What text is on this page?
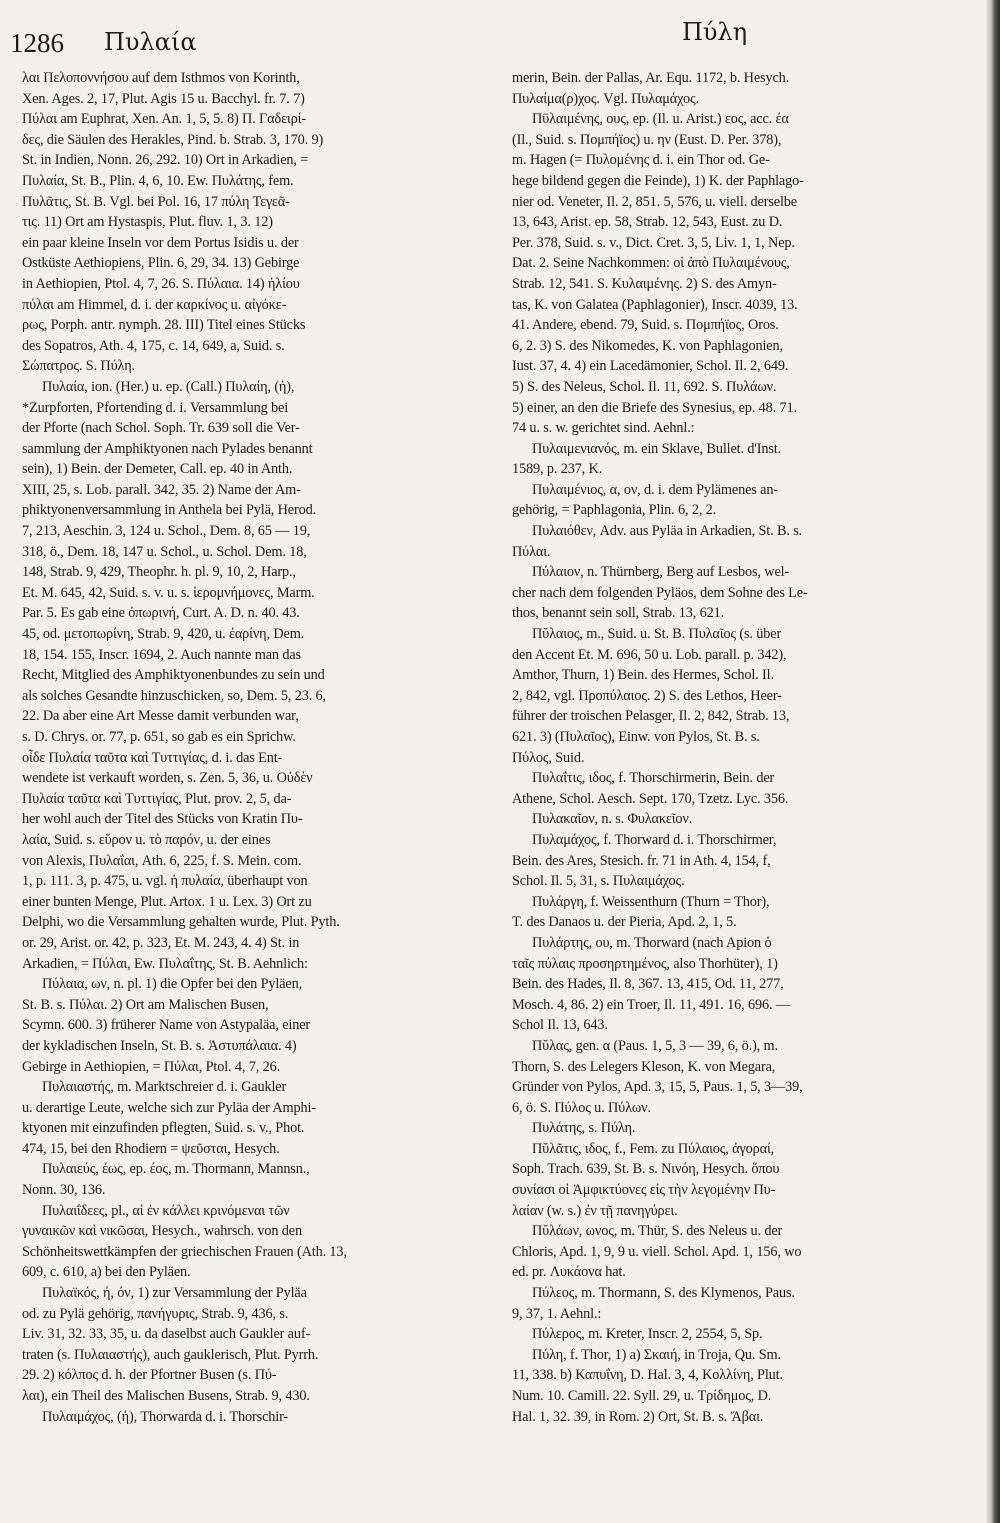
1286 Πυλαία	Πύλη
λαι Πελοποννήσου auf dem Isthmos von Korinth,
Xen. Ages. 2, 17, Plut. Agis 15 u. Bacchyl. fr. 7. 7)
Πύλαι am Euphrat, Xen. An. 1, 5, 5. 8) Π. Γαδειρί-
δες, die Säulen des Herakles, Pind. b. Strab. 3, 170. 9)
St. in Indien, Nonn. 26, 292. 10) Ort in Arkadien, =
Πυλαία, St. B., Plin. 4, 6, 10. Ew. Πυλάτης, fem.
Πυλᾶτις, St. B. Vgl. bei Pol. 16, 17 πύλη Τεγεᾶ-
τις. 11) Ort am Hystaspis, Plut. fluv. 1, 3. 12)
ein paar kleine Inseln vor dem Portus Isidis u. der
Ostküste Aethiopiens, Plin. 6, 29, 34. 13) Gebirge
in Aethiopien, Ptol. 4, 7, 26. S. Πύλαια. 14) ἡλίου
πύλαι am Himmel, d. i. der καρκίνος u. αἰγόκε-
ρως, Porph. antr. nymph. 28. III) Titel eines Stücks
des Sopatros, Ath. 4, 175, c. 14, 649, a, Suid. s.
Σώπατρος. S. Πύλη.
Πυλαία, ion. (Her.) u. ep. (Call.) Πυλαίη, (ἡ),
*Zurpforten, Pfortending d. i. Versammlung bei
der Pforte (nach Schol. Soph. Tr. 639 soll die Ver-
sammlung der Amphiktyonen nach Pylades benannt
sein), 1) Bein. der Demeter, Call. ep. 40 in Anth.
XIII, 25, s. Lob. parall. 342, 35. 2) Name der Am-
phiktyonenversammlung in Anthela bei Pylä, Herod.
7, 213, Aeschin. 3, 124 u. Schol., Dem. 8, 65 — 19,
318, ö., Dem. 18, 147 u. Schol., u. Schol. Dem. 18,
148, Strab. 9, 429, Theophr. h. pl. 9, 10, 2, Harp.,
Et. M. 645, 42, Suid. s. v. u. s. ἱερομνήμονες, Marm.
Par. 5. Es gab eine ὀπωρινή, Curt. A. D. n. 40. 43.
45, od. μετοπωρίνη, Strab. 9, 420, u. ἐαρίνη, Dem.
18, 154. 155, Inscr. 1694, 2. Auch nannte man das
Recht, Mitglied des Amphiktyonenbundes zu sein und
als solches Gesandte hinzuschicken, so, Dem. 5, 23. 6,
22. Da aber eine Art Messe damit verbunden war,
s. D. Chrys. or. 77, p. 651, so gab es ein Sprichw.
οἶδε Πυλαία ταῦτα καὶ Τυττιγίας, d. i. das Ent-
wendete ist verkauft worden, s. Zen. 5, 36, u. Οὐδὲν
Πυλαία ταῦτα καὶ Τυττιγίας, Plut. prov. 2, 5, da-
her wohl auch der Titel des Stücks von Kratin Πυ-
λαία, Suid. s. εὕρον u. τὸ παρόν, u. der eines
von Alexis, Πυλαΐαι, Ath. 6, 225, f. S. Mein. com.
1, p. 111. 3, p. 475, u. vgl. ἡ πυλαία, überhaupt von
einer bunten Menge, Plut. Artox. 1 u. Lex. 3) Ort zu
Delphi, wo die Versammlung gehalten wurde, Plut. Pyth.
or. 29, Arist. or. 42, p. 323, Et. M. 243, 4. 4) St. in
Arkadien, = Πύλαι, Ew. Πυλαΐτης, St. B. Aehnlich:
Πύλαια, ων, n. pl. 1) die Opfer bei den Pyläen,
St. B. s. Πύλαι. 2) Ort am Malischen Busen,
Scymn. 600. 3) früherer Name von Astypaläa, einer
der kykladischen Inseln, St. B. s. Ἀστυπάλαια. 4)
Gebirge in Aethiopien, = Πύλαι, Ptol. 4, 7, 26.
Πυλαιαστής, m. Marktschreier d. i. Gaukler
u. derartige Leute, welche sich zur Pyläa der Amphi-
ktyonen mit einzufinden pflegten, Suid. s. v., Phot.
474, 15, bei den Rhodiern = ψεῦσται, Hesych.
Πυλαιεύς, έως, ep. έος, m. Thormann, Mannsn.,
Nonn. 30, 136.
Πυλαιΐδεες, pl., αἱ ἐν κάλλει κρινόμεναι τῶν
γυναικῶν καὶ νικῶσαι, Hesych., wahrsch. von den
Schönheitswettkämpfen der griechischen Frauen (Ath. 13,
609, c. 610, a) bei den Pyläen.
Πυλαϊκός, ή, όν, 1) zur Versammlung der Pyläa
od. zu Pylä gehörig, πανήγυρις, Strab. 9, 436, s.
Liv. 31, 32. 33, 35, u. da daselbst auch Gaukler auf-
traten (s. Πυλαιαστής), auch gauklerisch, Plut. Pyrrh.
29. 2) κόλπος d. h. der Pfortner Busen (s. Πύ-
λαι), ein Theil des Malischen Busens, Strab. 9, 430.
Πυλαιμάχος, (ἡ), Thorwarda d. i. Thorschir-
merin, Bein. der Pallas, Ar. Equ. 1172, b. Hesych.
Πυλαίμα(ρ)χος. Vgl. Πυλαμάχος.
Πῡλαιμένης, ους, ep. (Il. u. Arist.) εος, acc. έα
(Il., Suid. s. Πομπήϊος) u. ην (Eust. D. Per. 378),
m. Hagen (= Πυλομένης d. i. ein Thor od. Ge-
hege bildend gegen die Feinde), 1) K. der Paphlago-
nier od. Veneter, Il. 2, 851. 5, 576, u. viell. derselbe
13, 643, Arist. ep. 58, Strab. 12, 543, Eust. zu D.
Per. 378, Suid. s. v., Dict. Cret. 3, 5, Liv. 1, 1, Nep.
Dat. 2. Seine Nachkommen: οἱ ἀπὸ Πυλαιμένους,
Strab. 12, 541. S. Κυλαιμένης. 2) S. des Amyn-
tas, K. von Galatea (Paphlagonier), Inscr. 4039, 13.
41. Andere, ebend. 79, Suid. s. Πομπήϊος, Oros.
6, 2. 3) S. des Nikomedes, K. von Paphlagonien,
Iust. 37, 4. 4) ein Lacedämonier, Schol. Il. 2, 649.
5) S. des Neleus, Schol. Il. 11, 692. S. Πυλάων.
5) einer, an den die Briefe des Synesius, ep. 48. 71.
74 u. s. w. gerichtet sind. Aehnl.:
Πυλαιμενιανός, m. ein Sklave, Bullet. d'Inst.
1589, p. 237, K.
Πυλαιμένιος, α, ον, d. i. dem Pylämenes an-
gehörig, = Paphlagonia, Plin. 6, 2, 2.
Πυλαιόθεν, Adv. aus Pyläa in Arkadien, St. B. s.
Πύλαι.
Πύλαιον, n. Thürnberg, Berg auf Lesbos, wel-
cher nach dem folgenden Pyläos, dem Sohne des Le-
thos, benannt sein soll, Strab. 13, 621.
Πῠλαιος, m., Suid. u. St. B. Πυλαῖος (s. über
den Accent Et. M. 696, 50 u. Lob. parall. p. 342),
Amthor, Thurn, 1) Bein. des Hermes, Schol. Il.
2, 842, vgl. Προπύλαιος. 2) S. des Lethos, Heer-
führer der troischen Pelasger, Il. 2, 842, Strab. 13,
621. 3) (Πυλαῖος), Einw. von Pylos, St. B. s.
Πύλος, Suid.
Πυλαΐτις, ιδος, f. Thorschirmerin, Bein. der
Athene, Schol. Aesch. Sept. 170, Tzetz. Lyc. 356.
Πυλακαῖον, n. s. Φυλακεῖον.
Πυλαμάχος, f. Thorward d. i. Thorschirmer,
Bein. des Ares, Stesich. fr. 71 in Ath. 4, 154, f,
Schol. Il. 5, 31, s. Πυλαιμάχος.
Πυλάργη, f. Weissenthurn (Thurn = Thor),
T. des Danaos u. der Pieria, Apd. 2, 1, 5.
Πυλάρτης, ου, m. Thorward (nach Apion ὁ
ταῖς πύλαις προσηρτημένος, also Thorhüter), 1)
Bein. des Hades, Il. 8, 367. 13, 415, Od. 11, 277,
Mosch. 4, 86. 2) ein Troer, Il. 11, 491. 16, 696. —
Schol Il. 13, 643.
Πῠλας, gen. α (Paus. 1, 5, 3 — 39, 6, ö.), m.
Thorn, S. des Lelegers Kleson, K. von Megara,
Gründer von Pylos, Apd. 3, 15, 5, Paus. 1, 5, 3—39,
6, ö. S. Πύλος u. Πύλων.
Πυλάτης, s. Πύλη.
Πῠλᾶτις, ιδος, f., Fem. zu Πύλαιος, ἀγοραί,
Soph. Trach. 639, St. B. s. Νινόη, Hesych. ὅπου
συνίασι οἱ Ἀμφικτύονες εἰς τὴν λεγομένην Πυ-
λαίαν (w. s.) ἐν τῇ πανηγύρει.
Πῠλάων, ωνος, m. Thür, S. des Neleus u. der
Chloris, Apd. 1, 9, 9 u. viell. Schol. Apd. 1, 156, wo
ed. pr. Λυκάονα hat.
Πύλεος, m. Thormann, S. des Klymenos, Paus.
9, 37, 1. Aehnl.:
Πύλερος, m. Kreter, Inscr. 2, 2554, 5, Sp.
Πύλη, f. Thor, 1) a) Σκαιή, in Troja, Qu. Sm.
11, 338. b) Καπυΐνη, D. Hal. 3, 4, Κολλίνη, Plut.
Num. 10. Camill. 22. Syll. 29, u. Τρίδημος, D.
Hal. 1, 32. 39, in Rom. 2) Ort, St. B. s. Ἄβαι.
